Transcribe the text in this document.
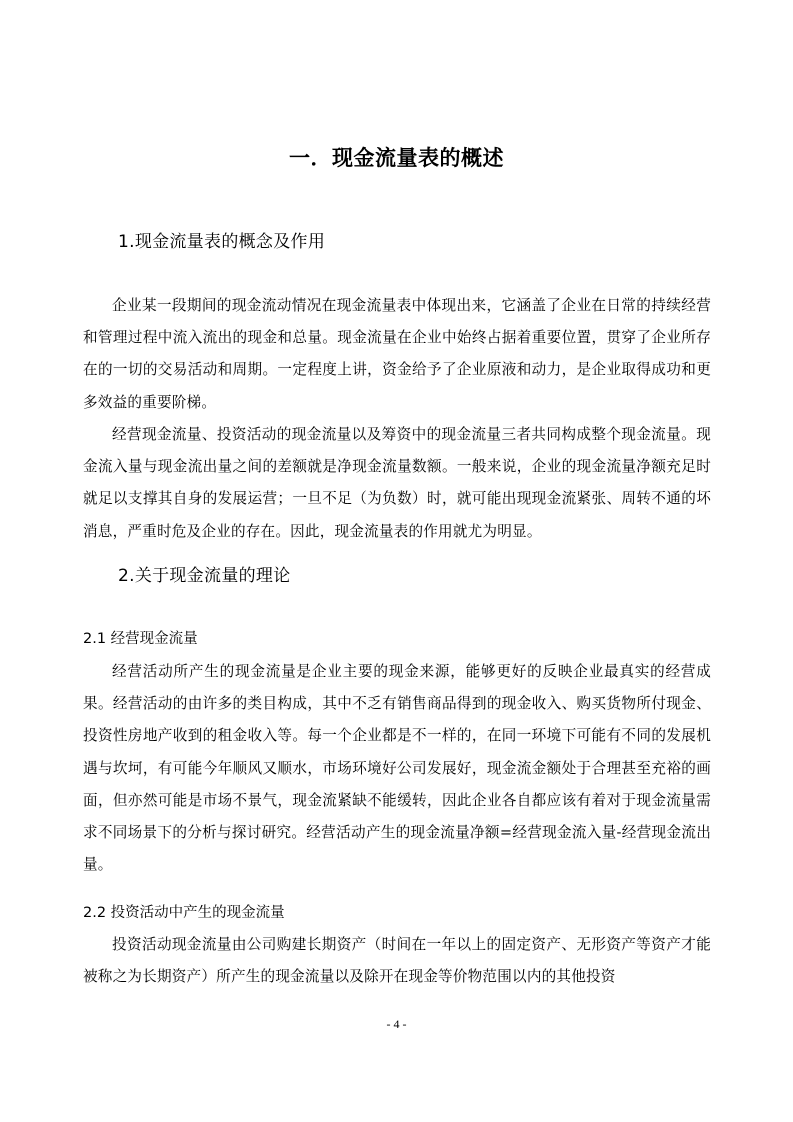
一．现金流量表的概述
1.现金流量表的概念及作用

企业某一段期间的现金流动情况在现金流量表中体现出来，它涵盖了企业在日常的持续经营和管理过程中流入流出的现金和总量。现金流量在企业中始终占据着重要位置，贯穿了企业所存在的一切的交易活动和周期。一定程度上讲，资金给予了企业原液和动力，是企业取得成功和更多效益的重要阶梯。

经营现金流量、投资活动的现金流量以及筹资中的现金流量三者共同构成整个现金流量。现金流入量与现金流出量之间的差额就是净现金流量数额。一般来说，企业的现金流量净额充足时就足以支撑其自身的发展运营；一旦不足（为负数）时，就可能出现现金流紧张、周转不通的坏消息，严重时危及企业的存在。因此，现金流量表的作用就尤为明显。

2.关于现金流量的理论
2.1 经营现金流量

经营活动所产生的现金流量是企业主要的现金来源，能够更好的反映企业最真实的经营成果。经营活动的由许多的类目构成，其中不乏有销售商品得到的现金收入、购买货物所付现金、投资性房地产收到的租金收入等。每一个企业都是不一样的，在同一环境下可能有不同的发展机遇与坎坷，有可能今年顺风又顺水，市场环境好公司发展好，现金流金额处于合理甚至充裕的画面，但亦然可能是市场不景气，现金流紧缺不能缓转，因此企业各自都应该有着对于现金流量需求不同场景下的分析与探讨研究。经营活动产生的现金流量净额=经营现金流入量-经营现金流出量。

2.2 投资活动中产生的现金流量

投资活动现金流量由公司购建长期资产（时间在一年以上的固定资产、无形资产等资产才能被称之为长期资产）所产生的现金流量以及除开在现金等价物范围以内的其他投资

- 4 -
